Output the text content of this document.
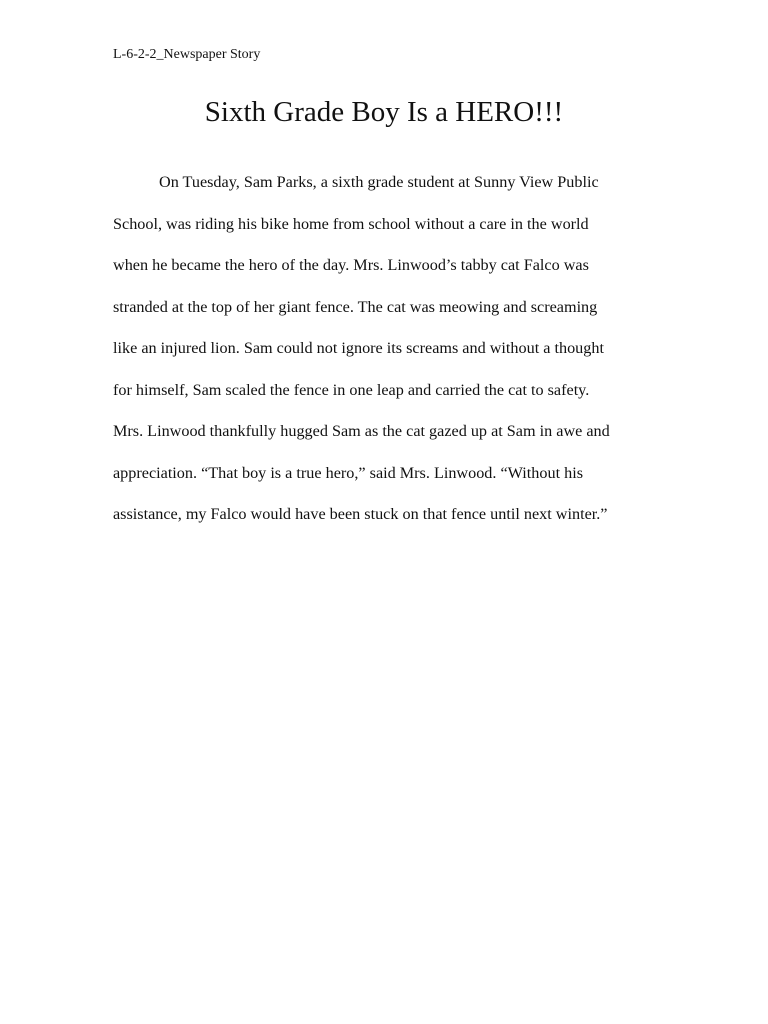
L-6-2-2_Newspaper Story
Sixth Grade Boy Is a HERO!!!
On Tuesday, Sam Parks, a sixth grade student at Sunny View Public
School, was riding his bike home from school without a care in the world
when he became the hero of the day. Mrs. Linwood’s tabby cat Falco was
stranded at the top of her giant fence. The cat was meowing and screaming
like an injured lion. Sam could not ignore its screams and without a thought
for himself, Sam scaled the fence in one leap and carried the cat to safety.
Mrs. Linwood thankfully hugged Sam as the cat gazed up at Sam in awe and
appreciation. “That boy is a true hero,” said Mrs. Linwood. “Without his
assistance, my Falco would have been stuck on that fence until next winter.”
